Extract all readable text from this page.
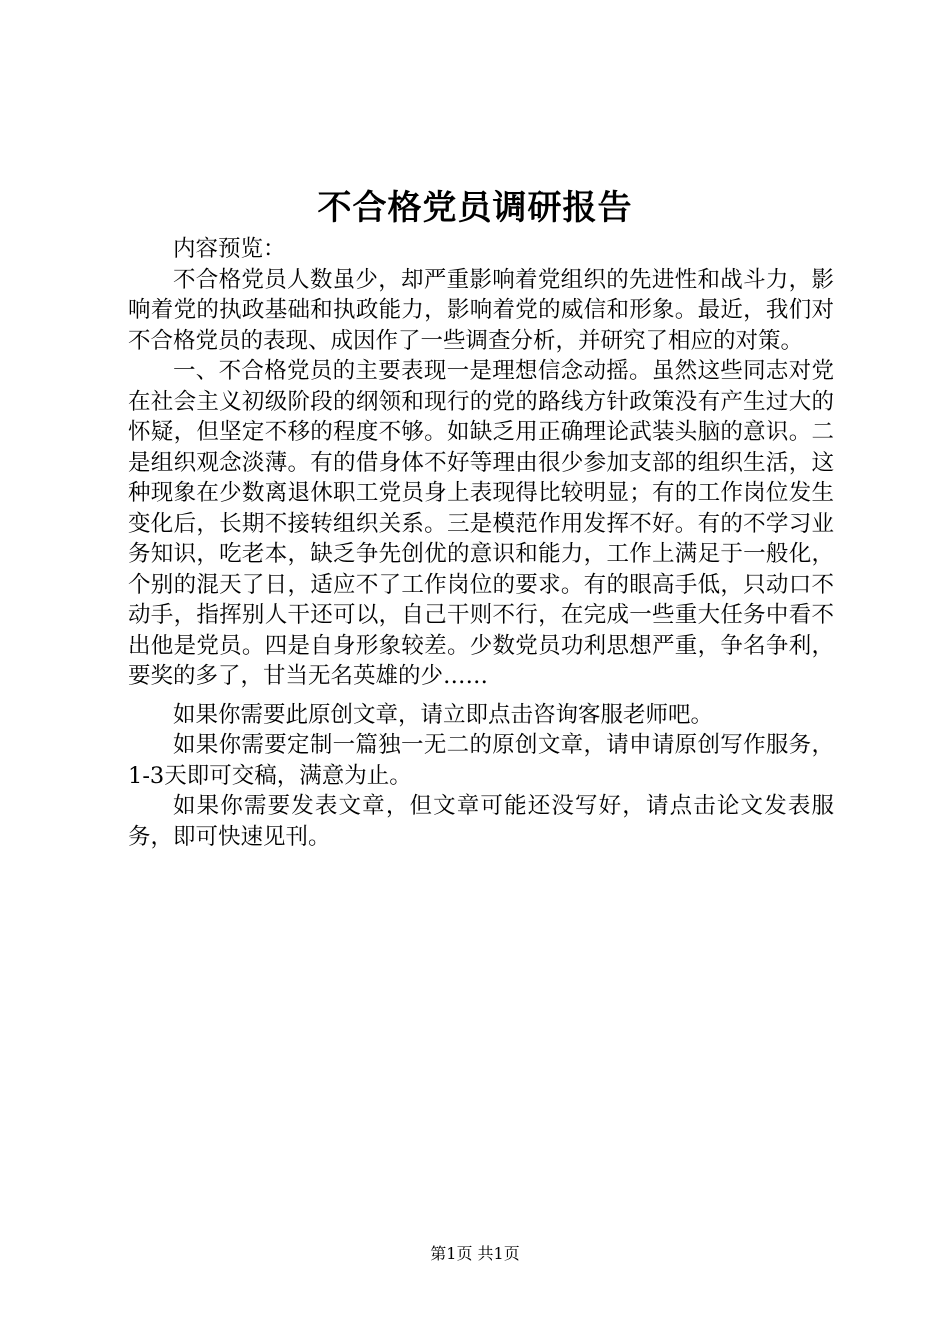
不合格党员调研报告

内容预览：

不合格党员人数虽少，却严重影响着党组织的先进性和战斗力，影响着党的执政基础和执政能力，影响着党的威信和形象。最近，我们对不合格党员的表现、成因作了一些调查分析，并研究了相应的对策。

一、不合格党员的主要表现一是理想信念动摇。虽然这些同志对党在社会主义初级阶段的纲领和现行的党的路线方针政策没有产生过大的怀疑，但坚定不移的程度不够。如缺乏用正确理论武装头脑的意识。二是组织观念淡薄。有的借身体不好等理由很少参加支部的组织生活，这种现象在少数离退休职工党员身上表现得比较明显；有的工作岗位发生变化后，长期不接转组织关系。三是模范作用发挥不好。有的不学习业务知识，吃老本，缺乏争先创优的意识和能力，工作上满足于一般化，个别的混天了日，适应不了工作岗位的要求。有的眼高手低，只动口不动手，指挥别人干还可以，自己干则不行，在完成一些重大任务中看不出他是党员。四是自身形象较差。少数党员功利思想严重，争名争利，要奖的多了，甘当无名英雄的少……

如果你需要此原创文章，请立即点击咨询客服老师吧。

如果你需要定制一篇独一无二的原创文章，请申请原创写作服务，1-3天即可交稿，满意为止。

如果你需要发表文章，但文章可能还没写好，请点击论文发表服务，即可快速见刊。

第1页 共1页
